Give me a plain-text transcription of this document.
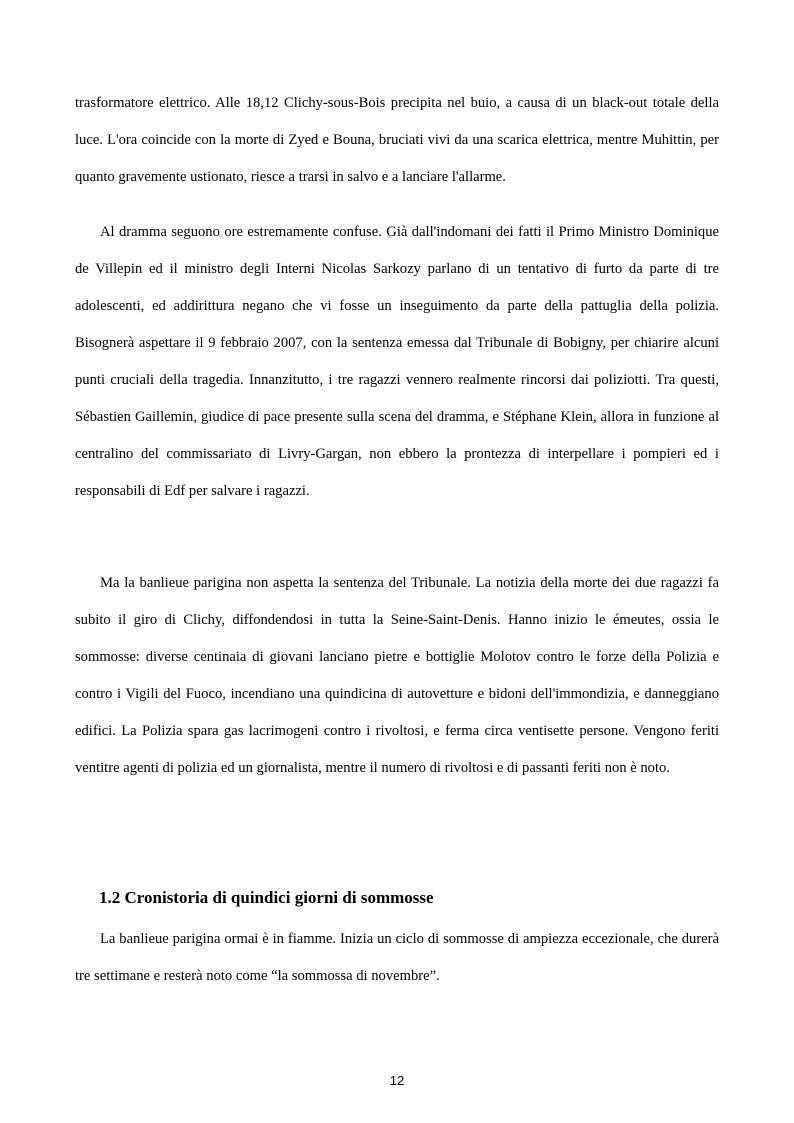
trasformatore elettrico. Alle 18,12 Clichy-sous-Bois precipita nel buio, a causa di un black-out totale della luce. L'ora coincide con la morte di Zyed e Bouna, bruciati vivi da una scarica elettrica, mentre Muhittin, per quanto gravemente ustionato, riesce a trarsi in salvo e a lanciare l'allarme.

Al dramma seguono ore estremamente confuse. Già dall'indomani dei fatti il Primo Ministro Dominique de Villepin ed il ministro degli Interni Nicolas Sarkozy parlano di un tentativo di furto da parte di tre adolescenti, ed addirittura negano che vi fosse un inseguimento da parte della pattuglia della polizia. Bisognerà aspettare il 9 febbraio 2007, con la sentenza emessa dal Tribunale di Bobigny, per chiarire alcuni punti cruciali della tragedia. Innanzitutto, i tre ragazzi vennero realmente rincorsi dai poliziotti. Tra questi, Sébastien Gaillemin, giudice di pace presente sulla scena del dramma, e Stéphane Klein, allora in funzione al centralino del commissariato di Livry-Gargan, non ebbero la prontezza di interpellare i pompieri ed i responsabili di Edf per salvare i ragazzi.

Ma la banlieue parigina non aspetta la sentenza del Tribunale. La notizia della morte dei due ragazzi fa subito il giro di Clichy, diffondendosi in tutta la Seine-Saint-Denis. Hanno inizio le émeutes, ossia le sommosse: diverse centinaia di giovani lanciano pietre e bottiglie Molotov contro le forze della Polizia e contro i Vigili del Fuoco, incendiano una quindicina di autovetture e bidoni dell'immondizia, e danneggiano edifici. La Polizia spara gas lacrimogeni contro i rivoltosi, e ferma circa ventisette persone. Vengono feriti ventitre agenti di polizia ed un giornalista, mentre il numero di rivoltosi e di passanti feriti non è noto.

1.2 Cronistoria di quindici giorni di sommosse

La banlieue parigina ormai è in fiamme. Inizia un ciclo di sommosse di ampiezza eccezionale, che durerà tre settimane e resterà noto come “la sommossa di novembre”.

12
